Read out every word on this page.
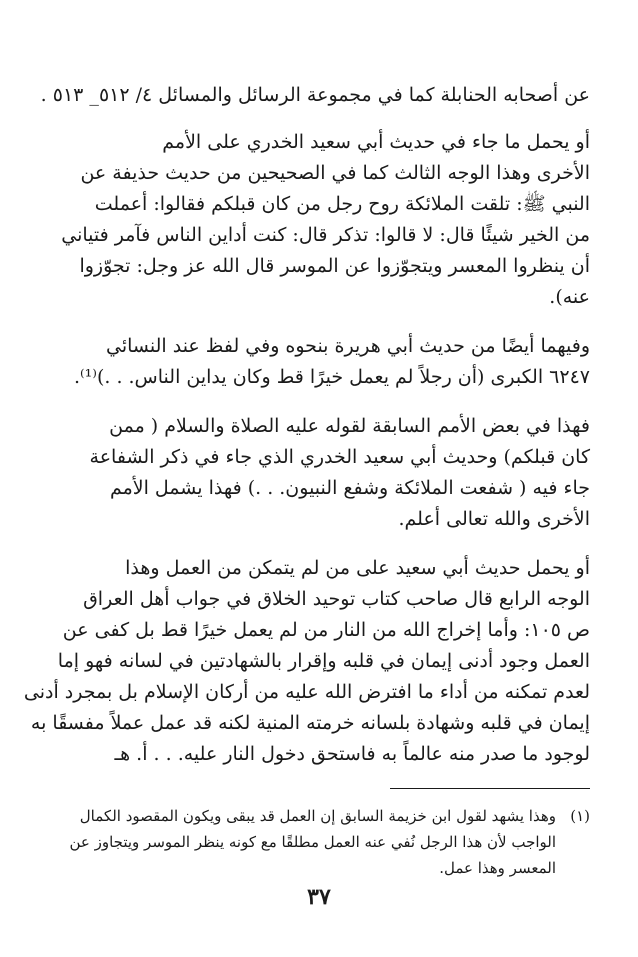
عن أصحابه الحنابلة كما في مجموعة الرسائل والمسائل ٤/ ٥١٢_ ٥١٣ .

أو يحمل ما جاء في حديث أبي سعيد الخدري على الأمم

الأخرى وهذا الوجه الثالث كما في الصحيحين من حديث حذيفة عن

النبي ﷺ: تلقت الملائكة روح رجل من كان قبلكم فقالوا: أعملت

من الخير شيئًا قال: لا قالوا: تذكر قال: كنت أداين الناس فآمر فتياني

أن ينظروا المعسر ويتجوّزوا عن الموسر قال الله عز وجل: تجوّزوا

عنه).

وفيهما أيضًا من حديث أبي هريرة بنحوه وفي لفظ عند النسائي

٦٢٤٧ الكبرى (أن رجلاً لم يعمل خيرًا قط وكان يداين الناس. . .)⁽¹⁾.

فهذا في بعض الأمم السابقة لقوله عليه الصلاة والسلام ( ممن

كان قبلكم) وحديث أبي سعيد الخدري الذي جاء في ذكر الشفاعة

جاء فيه ( شفعت الملائكة وشفع النبيون. . .) فهذا يشمل الأمم

الأخرى والله تعالى أعلم.

أو يحمل حديث أبي سعيد على من لم يتمكن من العمل وهذا

الوجه الرابع قال صاحب كتاب توحيد الخلاق في جواب أهل العراق

ص ١٠٥: وأما إخراج الله من النار من لم يعمل خيرًا قط بل كفى عن

العمل وجود أدنى إيمان في قلبه وإقرار بالشهادتين في لسانه فهو إما

لعدم تمكنه من أداء ما افترض الله عليه من أركان الإسلام بل بمجرد أدنى

إيمان في قلبه وشهادة بلسانه خرمته المنية لكنه قد عمل عملاً مفسقًا به

لوجود ما صدر منه عالماً به فاستحق دخول النار عليه. . . أ. هـ

(١)وهذا يشهد لقول ابن خزيمة السابق إن العمل قد يبقى ويكون المقصود الكمال

الواجب لأن هذا الرجل نُفي عنه العمل مطلقًا مع كونه ينظر الموسر ويتجاوز عن

المعسر وهذا عمل.

٣٧
